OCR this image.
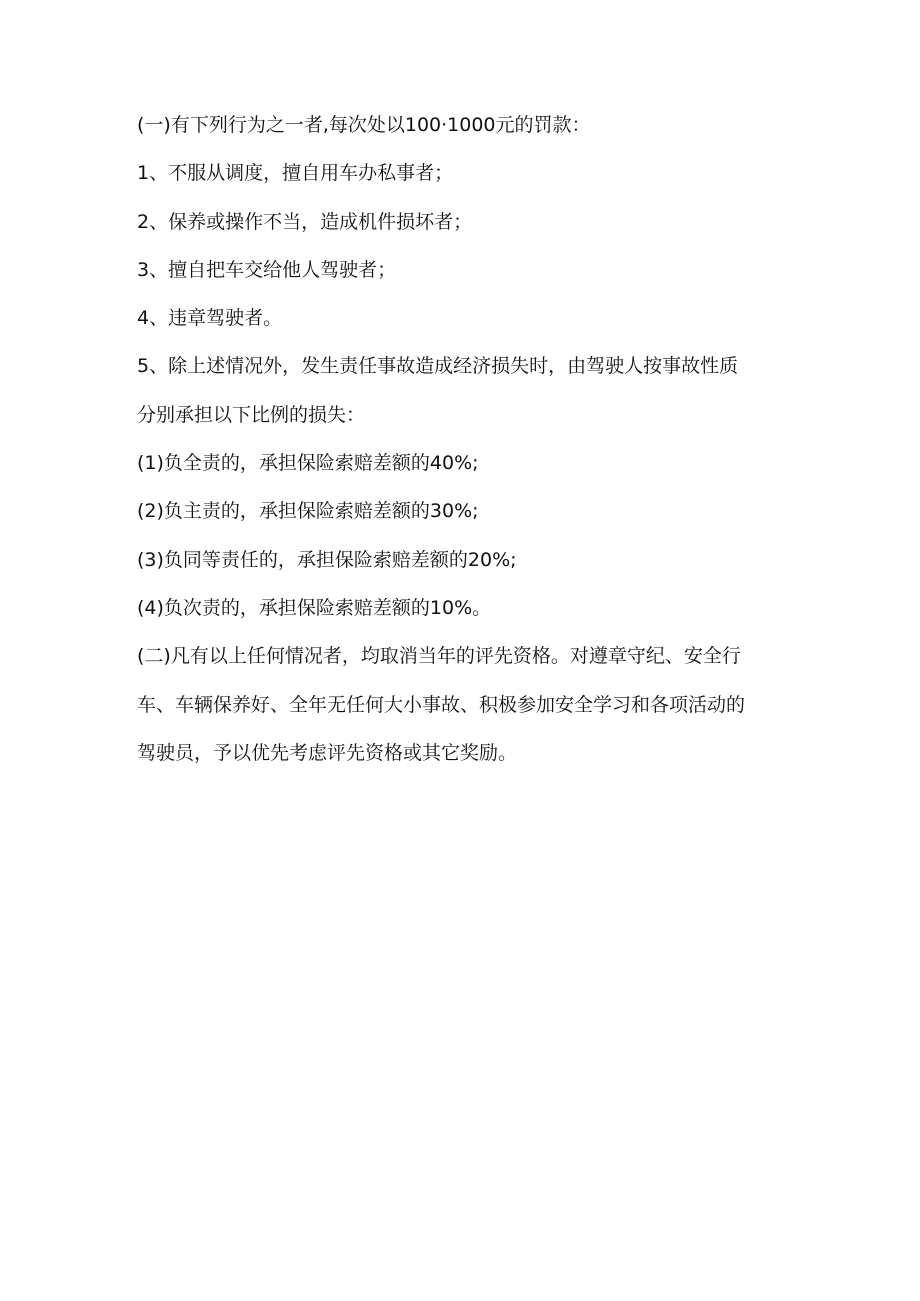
(一)有下列行为之一者,每次处以100·1000元的罚款：
1、不服从调度，擅自用车办私事者；
2、保养或操作不当，造成机件损坏者；
3、擅自把车交给他人驾驶者；
4、违章驾驶者。
5、除上述情况外，发生责任事故造成经济损失时，由驾驶人按事故性质
分别承担以下比例的损失：
(1)负全责的，承担保险索赔差额的40%;
(2)负主责的，承担保险索赔差额的30%;
(3)负同等责任的，承担保险索赔差额的20%;
(4)负次责的，承担保险索赔差额的10%。
(二)凡有以上任何情况者，均取消当年的评先资格。对遵章守纪、安全行
车、车辆保养好、全年无任何大小事故、积极参加安全学习和各项活动的
驾驶员，予以优先考虑评先资格或其它奖励。
